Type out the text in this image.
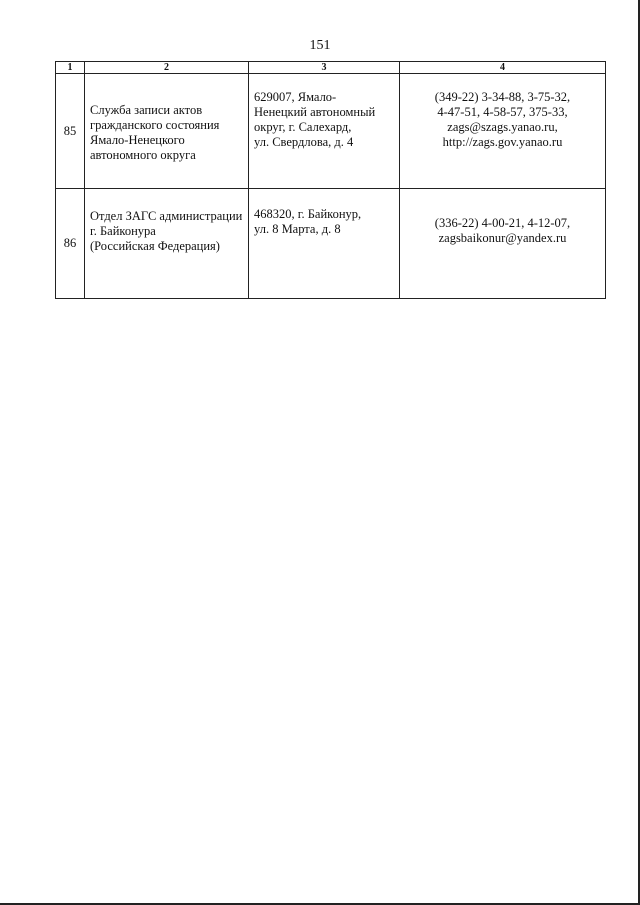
151
1	2	3	4
85	Служба записи актов
гражданского состояния
Ямало-Ненецкого
автономного округа	629007, Ямало-
Ненецкий автономный
округ, г. Салехард,
ул. Свердлова, д. 4	(349-22) 3-34-88, 3-75-32,
4-47-51, 4-58-57, 375-33,
zags@szags.yanao.ru,
http://zags.gov.yanao.ru
86	Отдел ЗАГС администрации
г. Байконура
(Российская Федерация)	468320, г. Байконур,
ул. 8 Марта, д. 8	(336-22) 4-00-21, 4-12-07,
zagsbaikonur@yandex.ru
